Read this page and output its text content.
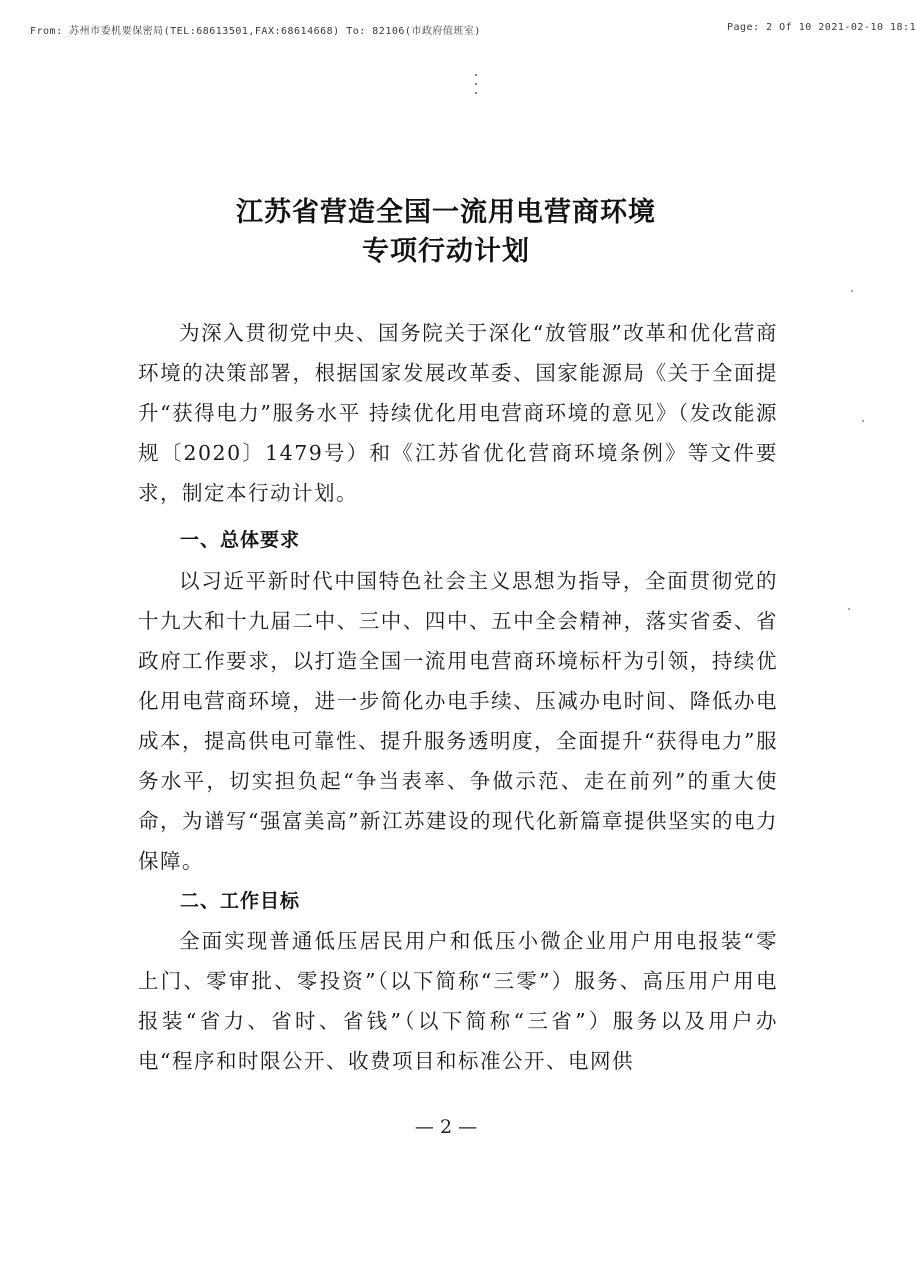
From: 苏州市委机要保密局(TEL:68613501,FAX:68614668) To: 82106(市政府值班室)	Page: 2 Of 10 2021-02-10 18:1
江苏省营造全国一流用电营商环境
专项行动计划

为深入贯彻党中央、国务院关于深化“放管服”改革和优化营商环境的决策部署，根据国家发展改革委、国家能源局《关于全面提升“获得电力”服务水平 持续优化用电营商环境的意见》（发改能源规〔2020〕1479号）和《江苏省优化营商环境条例》等文件要求，制定本行动计划。

一、总体要求

以习近平新时代中国特色社会主义思想为指导，全面贯彻党的十九大和十九届二中、三中、四中、五中全会精神，落实省委、省政府工作要求，以打造全国一流用电营商环境标杆为引领，持续优化用电营商环境，进一步简化办电手续、压减办电时间、降低办电成本，提高供电可靠性、提升服务透明度，全面提升“获得电力”服务水平，切实担负起“争当表率、争做示范、走在前列”的重大使命，为谱写“强富美高”新江苏建设的现代化新篇章提供坚实的电力保障。

二、工作目标

全面实现普通低压居民用户和低压小微企业用户用电报装“零上门、零审批、零投资”（以下简称“三零”）服务、高压用户用电报装“省力、省时、省钱”（以下简称“三省”）服务以及用户办电“程序和时限公开、收费项目和标准公开、电网供

— 2 —
